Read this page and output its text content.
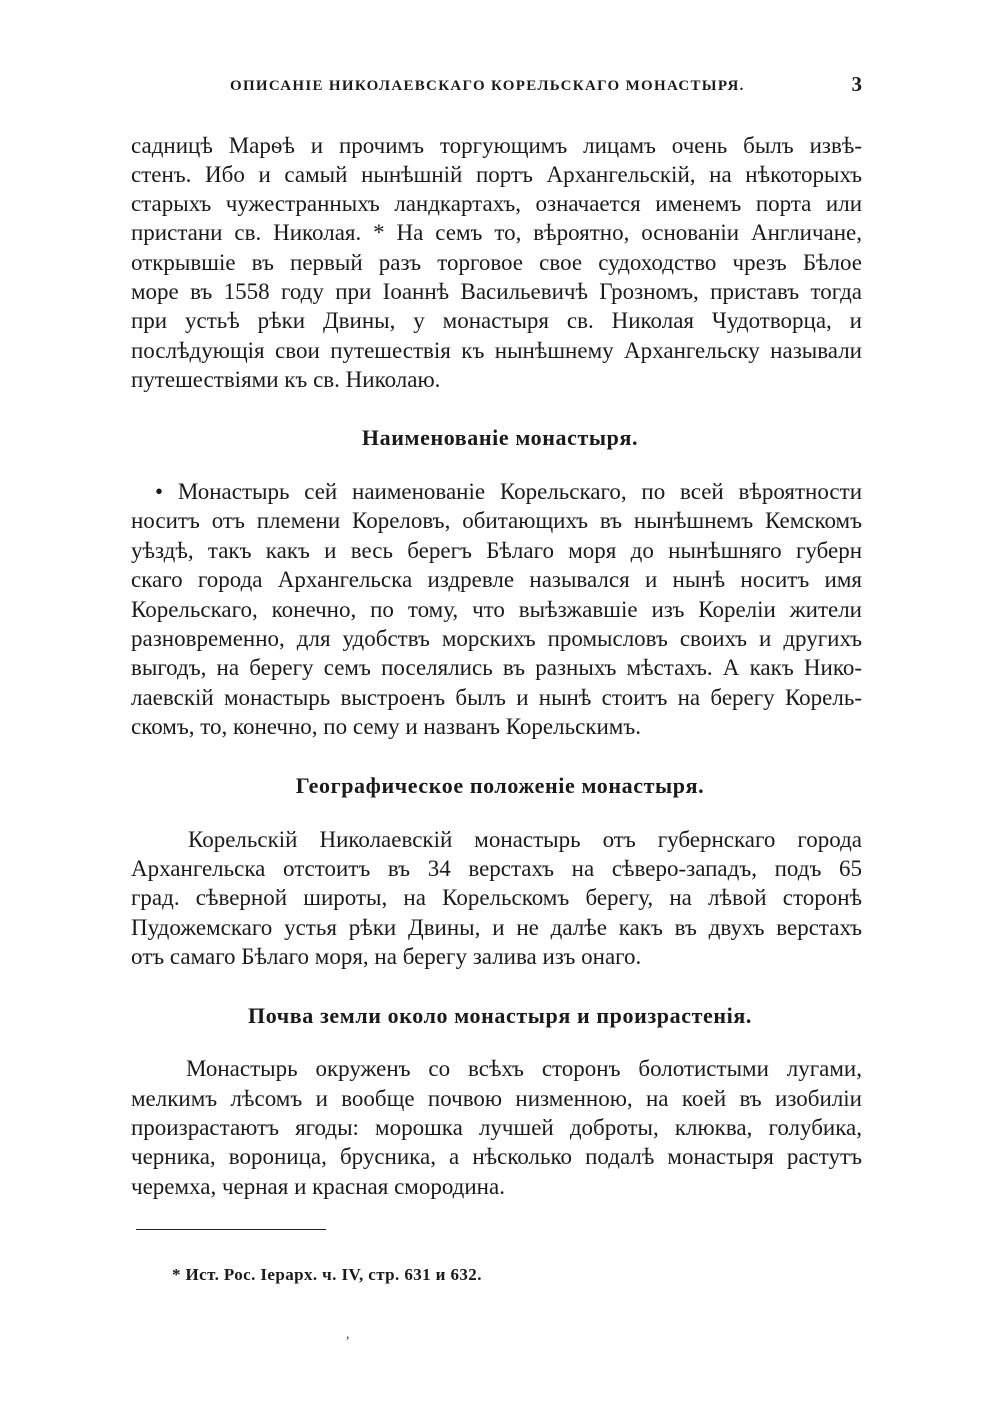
ОПИСАНІЕ НИКОЛАЕВСКАГО КОРЕЛЬСКАГО МОНАСТЫРЯ.	3
садницѣ Марѳѣ и прочимъ торгующимъ лицамъ очень былъ извѣ-
стенъ. Ибо и самый нынѣшній портъ Архангельскій, на нѣкоторыхъ
старыхъ чужестранныхъ ландкартахъ, означается именемъ порта или
пристани св. Николая. * На семъ то, вѣроятно, основаніи Англичане,
открывшіе въ первый разъ торговое свое судоходство чрезъ Бѣлое
море въ 1558 году при Іоаннѣ Васильевичѣ Грозномъ, приставъ тогда
при устьѣ рѣки Двины, у монастыря св. Николая Чудотворца, и
послѣдующія свои путешествія къ нынѣшнему Архангельску называли
путешествіями къ св. Николаю.
Наименованіе монастыря.
• Монастырь сей наименованіе Корельскаго, по всей вѣроятности
носитъ отъ племени Кореловъ, обитающихъ въ нынѣшнемъ Кемскомъ
уѣздѣ, такъ какъ и весь берегъ Бѣлаго моря до нынѣшняго губерн
скаго города Архангельска издревле назывался и нынѣ носитъ имя
Корельскаго, конечно, по тому, что выѣзжавшіе изъ Кореліи жители
разновременно, для удобствъ морскихъ промысловъ своихъ и другихъ
выгодъ, на берегу семъ поселялись въ разныхъ мѣстахъ. А какъ Нико-
лаевскій монастырь выстроенъ былъ и нынѣ стоитъ на берегу Корель-
скомъ, то, конечно, по сему и названъ Корельскимъ.
Географическое положеніе монастыря.
Корельскій Николаевскій монастырь отъ губернскаго города
Архангельска отстоитъ въ 34 верстахъ на сѣверо-западъ, подъ 65
град. сѣверной широты, на Корельскомъ берегу, на лѣвой сторонѣ
Пудожемскаго устья рѣки Двины, и не далѣе какъ въ двухъ верстахъ
отъ самаго Бѣлаго моря, на берегу залива изъ онаго.
Почва земли около монастыря и произрастенія.
Монастырь окруженъ со всѣхъ сторонъ болотистыми лугами,
мелкимъ лѣсомъ и вообще почвою низменною, на коей въ изобиліи
произрастаютъ ягоды: морошка лучшей доброты, клюква, голубика,
черника, вороница, брусника, а нѣсколько подалѣ монастыря растутъ
черемха, черная и красная смородина.
* Ист. Рос. Іерарх. ч. IV, стр. 631 и 632.
,
